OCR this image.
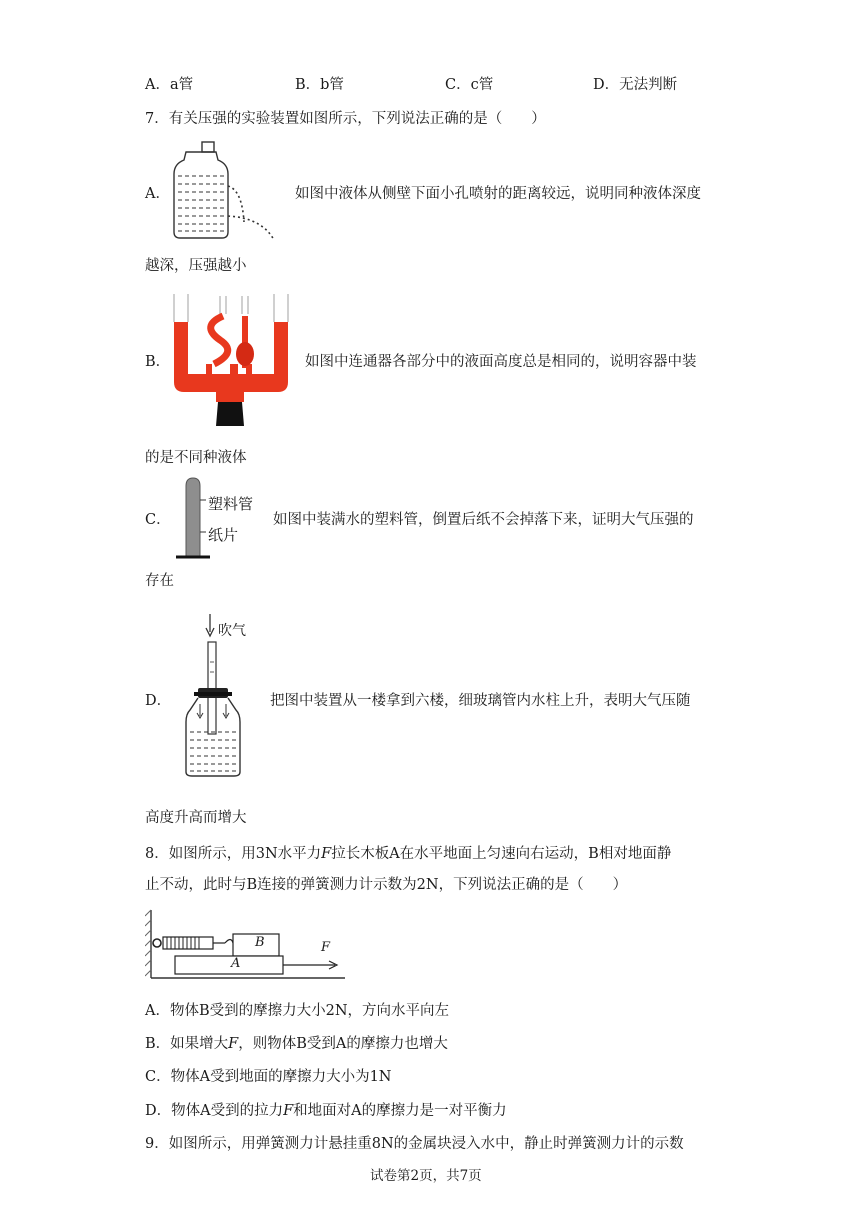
A．a管	B．b管	C．c管	D．无法判断
7．有关压强的实验装置如图所示，下列说法正确的是（　　）
A．	如图中液体从侧壁下面小孔喷射的距离较远，说明同种液体深度
越深，压强越小
B．	如图中连通器各部分中的液面高度总是相同的，说明容器中装
的是不同种液体
C．
塑料管
纸片
如图中装满水的塑料管，倒置后纸不会掉落下来，证明大气压强的
存在
D．
吹气
把图中装置从一楼拿到六楼，细玻璃管内水柱上升，表明大气压随
高度升高而增大
8．如图所示，用3N水平力F拉长木板A在水平地面上匀速向右运动，B相对地面静
止不动，此时与B连接的弹簧测力计示数为2N，下列说法正确的是（　　）
B
A
F
A．物体B受到的摩擦力大小2N，方向水平向左
B．如果增大F，则物体B受到A的摩擦力也增大
C．物体A受到地面的摩擦力大小为1N
D．物体A受到的拉力F和地面对A的摩擦力是一对平衡力
9．如图所示，用弹簧测力计悬挂重8N的金属块浸入水中，静止时弹簧测力计的示数
试卷第2页，共7页
